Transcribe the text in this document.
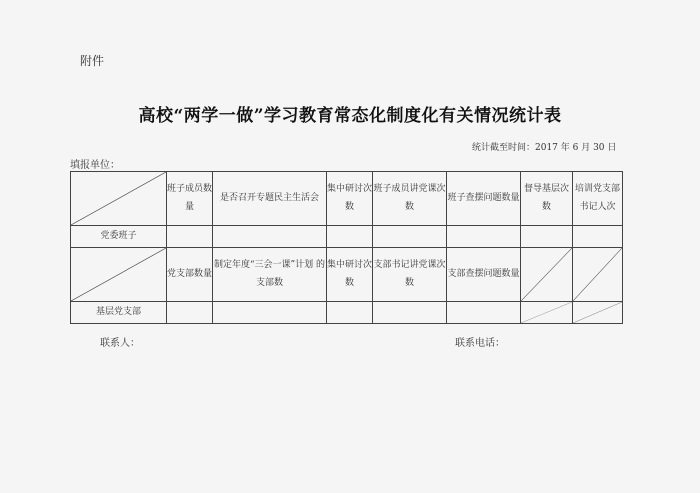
附件
高校“两学一做”学习教育常态化制度化有关情况统计表
统计截至时间：2017 年 6 月 30 日
填报单位：
	班子成员数量	是否召开专题民主生活会	集中研讨次数	班子成员讲党课次数	班子查摆问题数量	督导基层次数	培训党支部书记人次
党委班子							

	党支部数量	制定年度“三会一课”计划 的支部数	集中研讨次数	支部书记讲党课次数	支部查摆问题数量	

基层党支部						

联系人：	联系电话：
